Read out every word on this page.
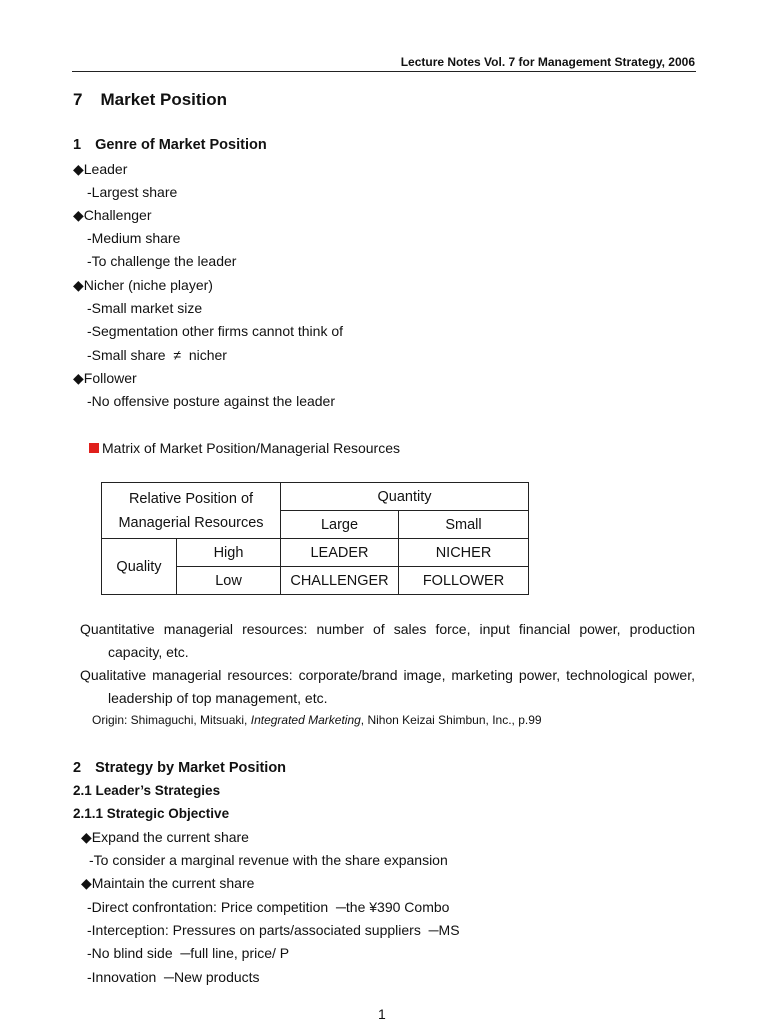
Lecture Notes Vol. 7 for Management Strategy, 2006
7 Market Position
1 Genre of Market Position
◆Leader
-Largest share
◆Challenger
-Medium share
-To challenge the leader
◆Nicher (niche player)
-Small market size
-Segmentation other firms cannot think of
-Small share  ≠  nicher
◆Follower
-No offensive posture against the leader
Matrix of Market Position/Managerial Resources
Relative Position of
Managerial Resources		Quantity	
		Large	Small
Quality	High	LEADER	NICHER
	Low	CHALLENGER	FOLLOWER
Quantitative managerial resources: number of sales force, input financial power, production
capacity, etc.
Qualitative managerial resources: corporate/brand image, marketing power, technological power,
leadership of top management, etc.
Origin: Shimaguchi, Mitsuaki, Integrated Marketing, Nihon Keizai Shimbun, Inc., p.99
2 Strategy by Market Position
2.1 Leader’s Strategies
2.1.1 Strategic Objective
◆Expand the current share
-To consider a marginal revenue with the share expansion
◆Maintain the current share
-Direct confrontation: Price competition  ─the ¥390 Combo
-Interception: Pressures on parts/associated suppliers  ─MS
-No blind side  ─full line, price/ P
-Innovation  ─New products
1
